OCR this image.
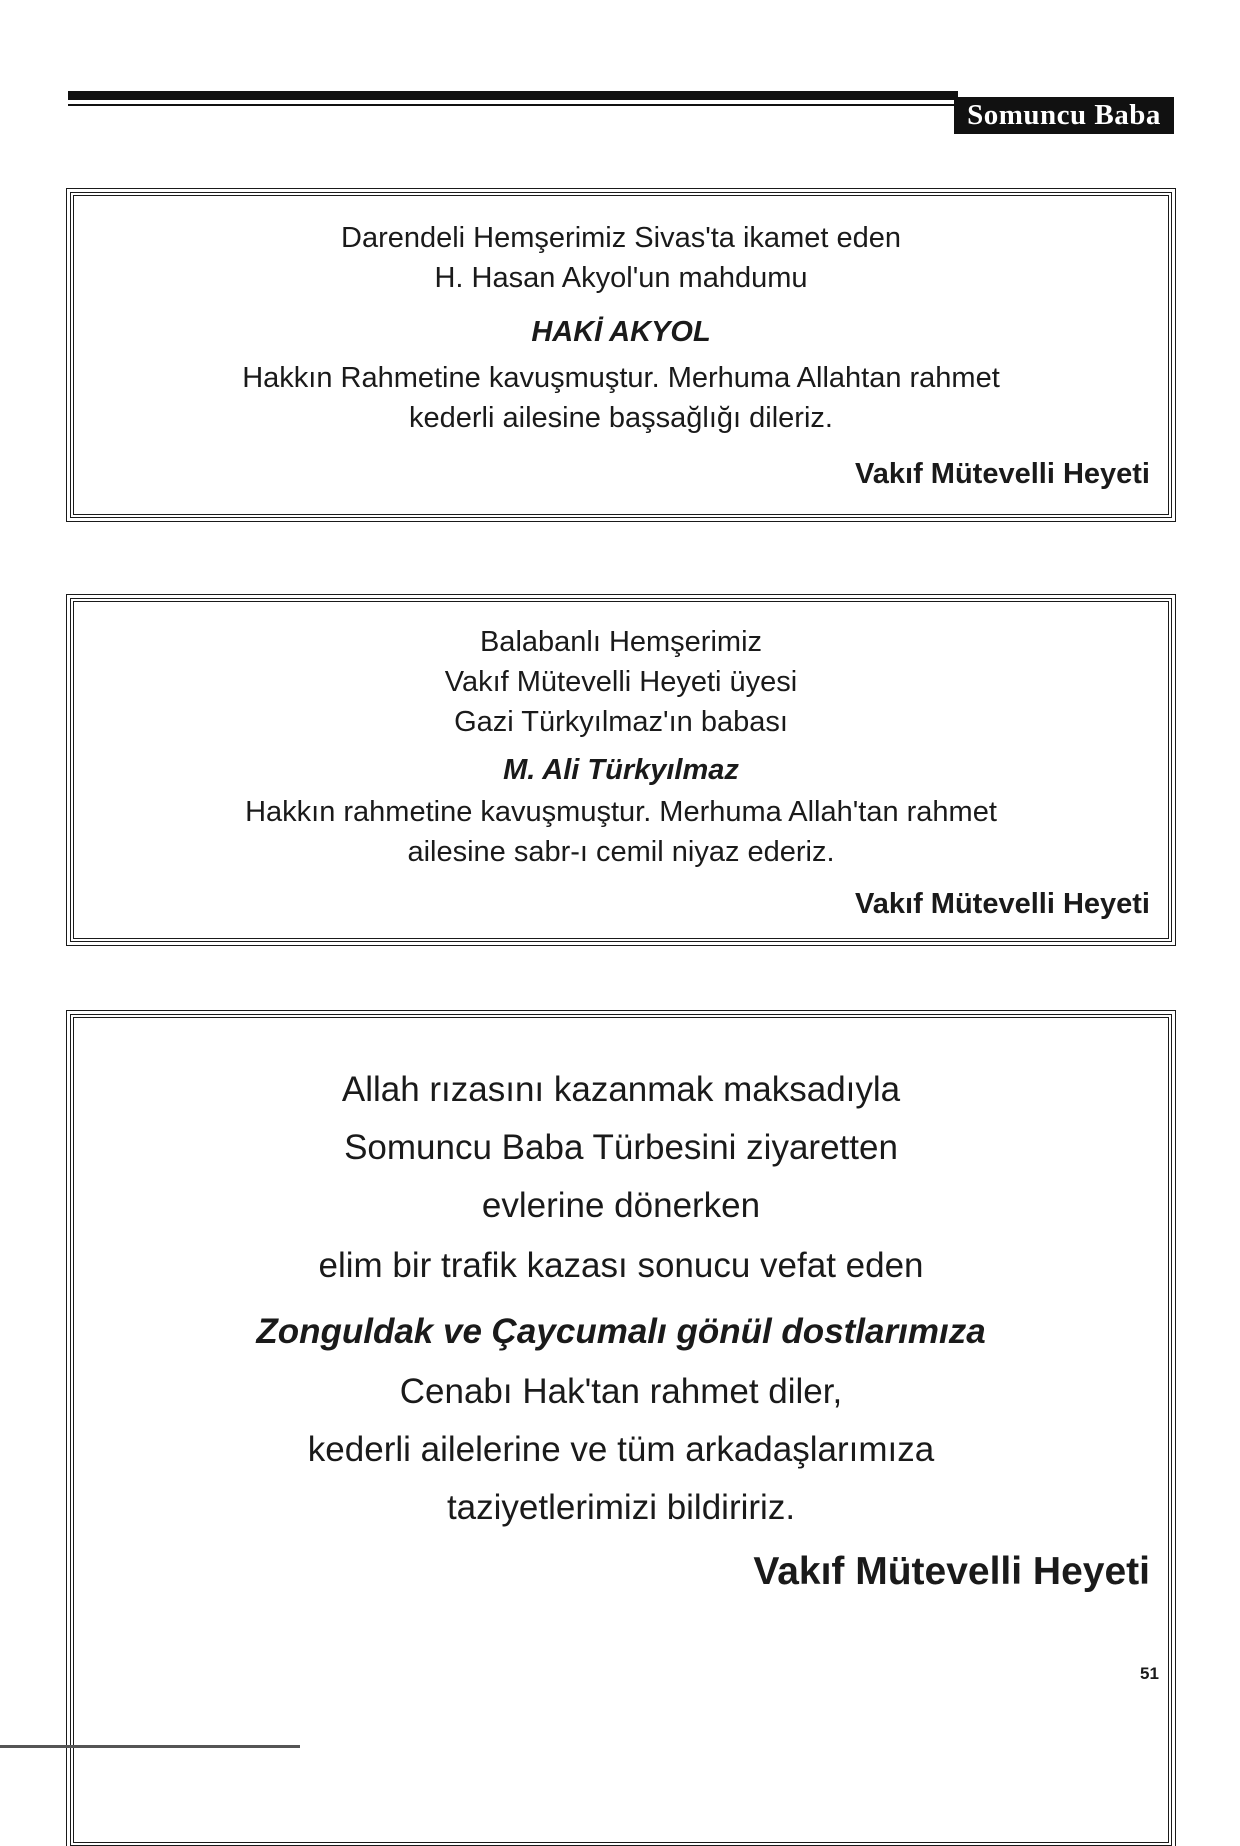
Somuncu Baba
Darendeli Hemşerimiz Sivas'ta ikamet eden
H. Hasan Akyol'un mahdumu
HAKİ AKYOL
Hakkın Rahmetine kavuşmuştur. Merhuma Allahtan rahmet
kederli ailesine başsağlığı dileriz.
Vakıf Mütevelli Heyeti
Balabanlı Hemşerimiz
Vakıf Mütevelli Heyeti üyesi
Gazi Türkyılmaz'ın babası
M. Ali Türkyılmaz
Hakkın rahmetine kavuşmuştur. Merhuma Allah'tan rahmet
ailesine sabr-ı cemil niyaz ederiz.
Vakıf Mütevelli Heyeti
Allah rızasını kazanmak maksadıyla
Somuncu Baba Türbesini ziyaretten
evlerine dönerken
elim bir trafik kazası sonucu vefat eden
Zonguldak ve Çaycumalı gönül dostlarımıza
Cenabı Hak'tan rahmet diler,
kederli ailelerine ve tüm arkadaşlarımıza
taziyetlerimizi bildiririz.
Vakıf Mütevelli Heyeti
51
